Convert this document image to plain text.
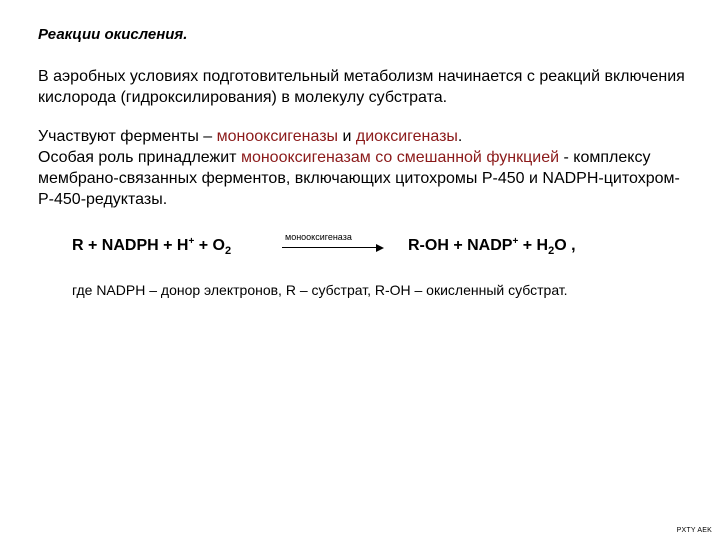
Реакции окисления.
В аэробных условиях подготовительный метаболизм начинается с реакций включения кислорода (гидроксилирования) в молекулу субстрата.
Участвуют ферменты – монооксигеназы и диоксигеназы.
Особая роль принадлежит монооксигеназам со смешанной функцией - комплексу мембрано-связанных ферментов, включающих цитохромы Р-450 и NADPH-цитохром-Р-450-редуктазы.
R + NADPH + $H^+ + O_2$
монооксигеназа	R-OH + NADP+ + $H_2O$ ,
где NADPH – донор электронов, R – субстрат, R-OH – окисленный субстрат.
PXTY AEK
